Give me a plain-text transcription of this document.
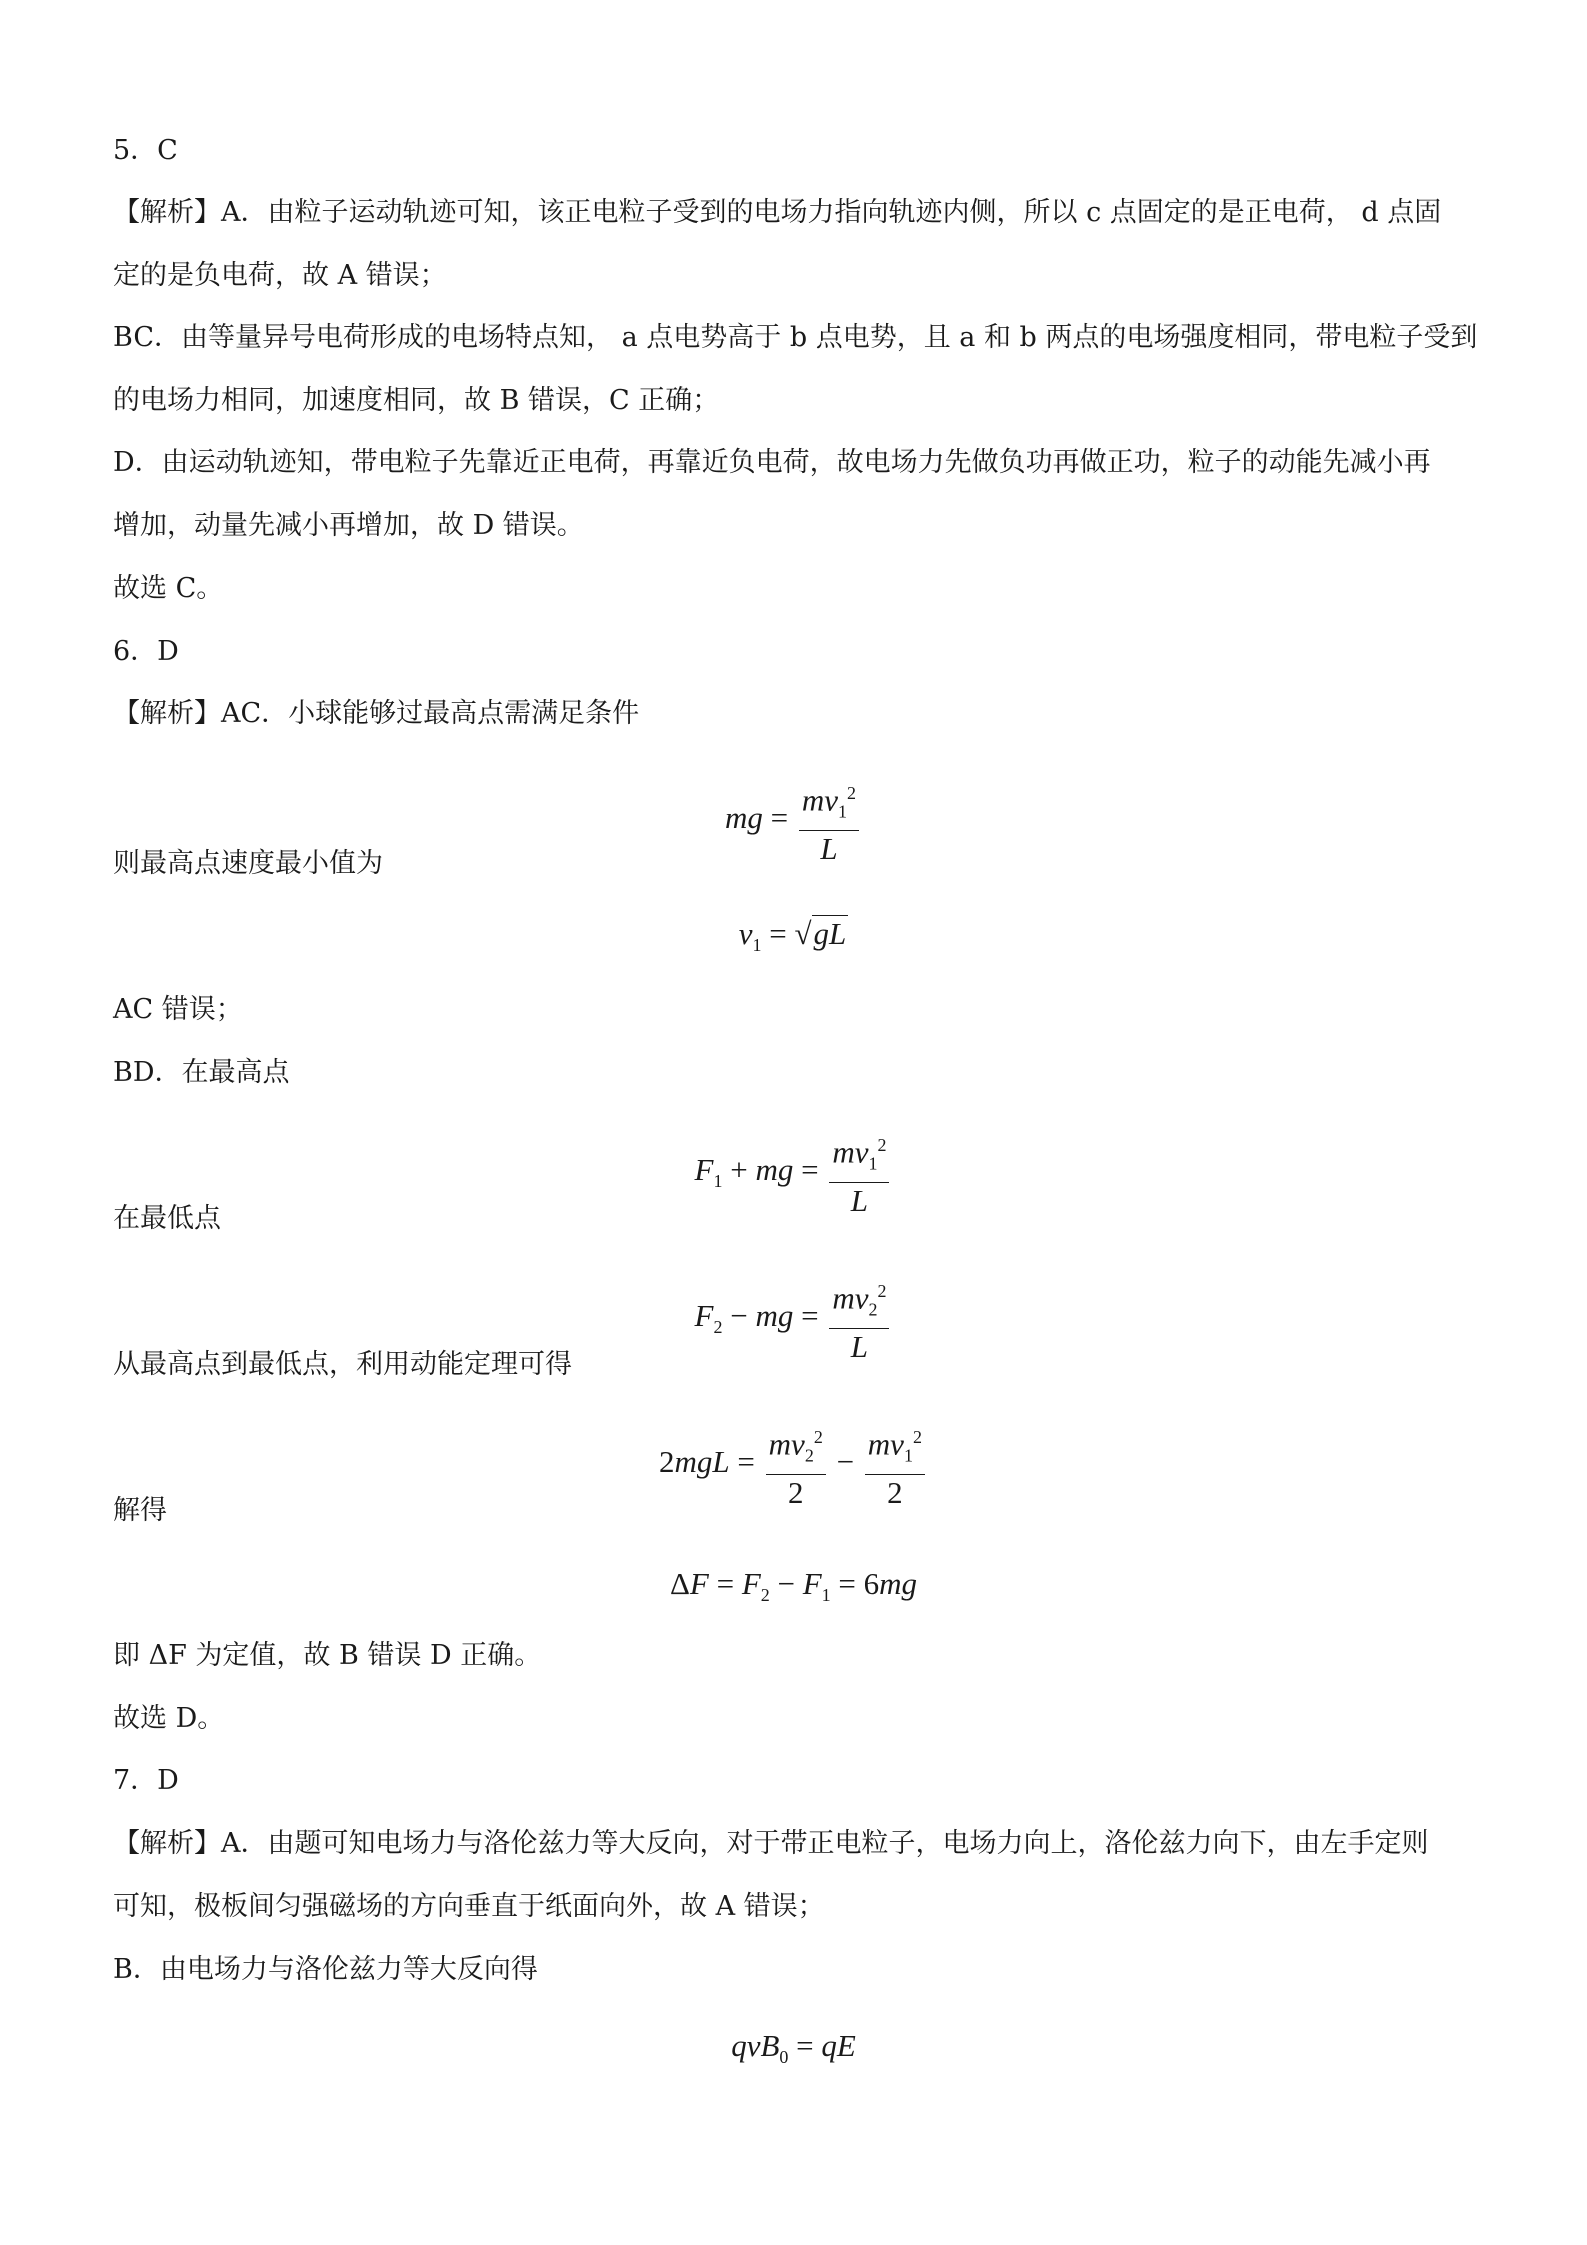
5．C
【解析】A．由粒子运动轨迹可知，该正电粒子受到的电场力指向轨迹内侧，所以 c 点固定的是正电荷， d 点固
定的是负电荷，故 A 错误；
BC．由等量异号电荷形成的电场特点知， a 点电势高于 b 点电势，且 a 和 b 两点的电场强度相同，带电粒子受到
的电场力相同，加速度相同，故 B 错误，C 正确；
D．由运动轨迹知，带电粒子先靠近正电荷，再靠近负电荷，故电场力先做负功再做正功，粒子的动能先减小再
增加，动量先减小再增加，故 D 错误。
故选 C。
6．D
【解析】AC．小球能够过最高点需满足条件
mg = $\frac{mv_1^2}{L}$
则最高点速度最小值为
$v_1 = √gL$
AC 错误；
BD．在最高点
$F_1$ + mg = $\frac{mv_1^2}{L}$
在最低点
$F_2$ − mg = $\frac{mv_2^2}{L}$
从最高点到最低点，利用动能定理可得
$2mgL = \frac{mv_2^2}{2} - \frac{mv_1^2}{2}$
解得
$\Delta F = F_2 - F_1 = 6mg$
即 ΔF 为定值，故 B 错误 D 正确。
故选 D。
7．D
【解析】A．由题可知电场力与洛伦兹力等大反向，对于带正电粒子，电场力向上，洛伦兹力向下，由左手定则
可知，极板间匀强磁场的方向垂直于纸面向外，故 A 错误；
B．由电场力与洛伦兹力等大反向得
qvB$_0$ = qE
